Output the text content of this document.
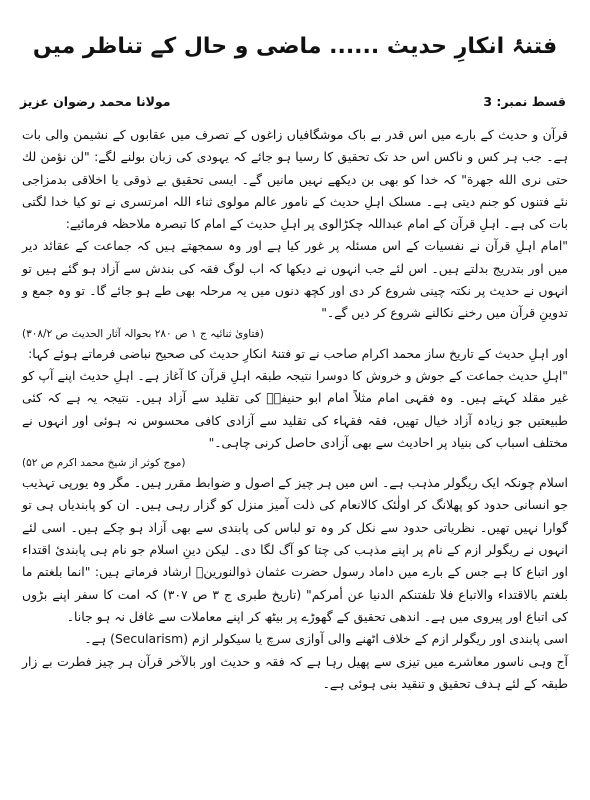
فتنۂ انکارِ حدیث ...... ماضی و حال کے تناظر میں
قسط نمبر: 3
مولانا محمد رضوان عزیز

قرآن و حدیث کے بارے میں اس قدر بے باک موشگافیاں زاغوں کے تصرف میں عقابوں کے نشیمن والی بات ہے۔ جب ہر کس و ناکس اس حد تک تحقیق کا رسیا ہو جائے کہ یہودی کی زبان بولنے لگے: "لن نؤمن لك حتى نرى الله جهرة" کہ خدا کو بھی بن دیکھے نہیں مانیں گے۔ ایسی تحقیق بے ذوقی یا اخلاقی بدمزاجی نئے فتنوں کو جنم دیتی ہے۔ مسلک اہلِ حدیث کے نامور عالم مولوی ثناء اللہ امرتسری نے تو کیا خدا لگتی بات کی ہے۔ اہلِ قرآن کے امام عبداللہ چکڑالوی پر اہلِ حدیث کے امام کا تبصرہ ملاحظہ فرمائیے:

"امام اہلِ قرآن نے نفسیات کے اس مسئلہ پر غور کیا ہے اور وہ سمجھتے ہیں کہ جماعت کے عقائد دیر میں اور بتدریج بدلتے ہیں۔ اس لئے جب انہوں نے دیکھا کہ اب لوگ فقہ کی بندش سے آزاد ہو گئے ہیں تو انہوں نے حدیث پر نکتہ چینی شروع کر دی اور کچھ دنوں میں یہ مرحلہ بھی طے ہو جائے گا۔ تو وہ جمع و تدوینِ قرآن میں رخنے نکالنے شروع کر دیں گے۔"

(فتاویٰ ثنائیہ ج ۱ ص ۲۸۰ بحوالہ آثار الحدیث ص ۳۰۸/۲)

اور اہلِ حدیث کے تاریخ ساز محمد اکرام صاحب نے تو فتنۂ انکارِ حدیث کی صحیح نباضی فرماتے ہوئے کہا:

"اہلِ حدیث جماعت کے جوش و خروش کا دوسرا نتیجہ طبقہ اہلِ قرآن کا آغاز ہے۔ اہلِ حدیث اپنے آپ کو غیر مقلد کہتے ہیں۔ وہ فقہی امام مثلاً امام ابو حنیفہؒ کی تقلید سے آزاد ہیں۔ نتیجہ یہ ہے کہ کئی طبیعتیں جو زیادہ آزاد خیال تھیں، فقہ فقہاء کی تقلید سے آزادی کافی محسوس نہ ہوئی اور انہوں نے مختلف اسباب کی بنیاد پر احادیث سے بھی آزادی حاصل کرنی چاہی۔"

(موج کوثر از شیخ محمد اکرم ص ۵۲)

اسلام چونکہ ایک ریگولر مذہب ہے۔ اس میں ہر چیز کے اصول و ضوابط مقرر ہیں۔ مگر وہ یورپی تہذیب جو انسانی حدود کو پھلانگ کر اولٰئک کالانعام کی ذلت آمیز منزل کو گزار رہی ہیں۔ ان کو پابندیاں ہی تو گوارا نہیں تھیں۔ نظریاتی حدود سے نکل کر وہ تو لباس کی پابندی سے بھی آزاد ہو چکے ہیں۔ اسی لئے انہوں نے ریگولر ازم کے نام پر اپنے مذہب کی چتا کو آگ لگا دی۔ لیکن دینِ اسلام جو نام ہی پابندیٔ اقتداء اور اتباع کا ہے جس کے بارے میں داماد رسول حضرت عثمان ذوالنورینؓ ارشاد فرماتے ہیں: "انما بلغتم ما بلغتم بالاقتداء والاتباع فلا تلفتنكم الدنيا عن أمركم" (تاریخ طبری ج ۳ ص ۳۰۷) کہ امت کا سفر اپنے بڑوں کی اتباع اور پیروی میں ہے۔ اندھی تحقیق کے گھوڑے پر بیٹھ کر اپنے معاملات سے غافل نہ ہو جانا۔

اسی پابندی اور ریگولر ازم کے خلاف اٹھنے والی آوازی سرچ یا سیکولر ازم (Secularism) ہے۔

آج وہی ناسور معاشرے میں تیزی سے پھیل رہا ہے کہ فقہ و حدیث اور بالآخر قرآن ہر چیز فطرت بے زار طبقہ کے لئے ہدف تحقیق و تنقید بنی ہوئی ہے۔
